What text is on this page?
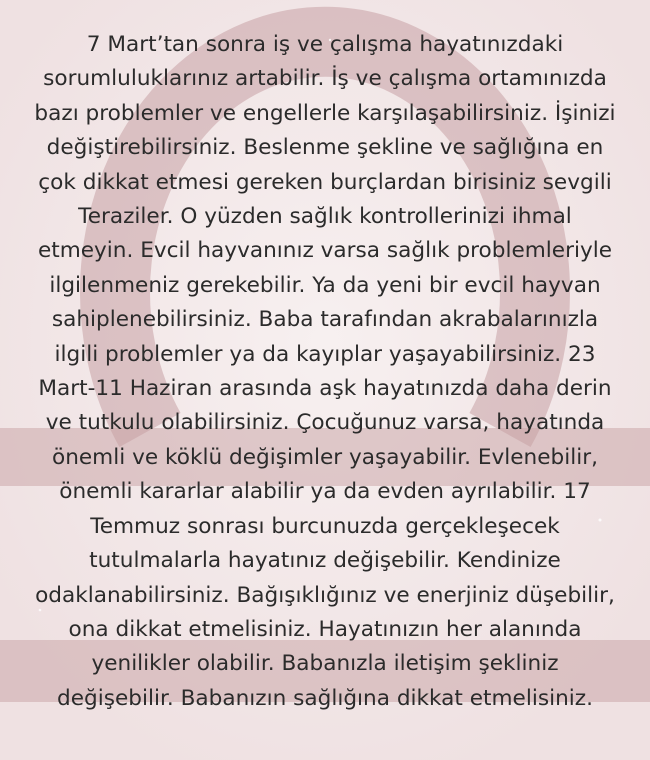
7 Mart’tan sonra iş ve çalışma hayatınızdaki
sorumluluklarınız artabilir. İş ve çalışma ortamınızda
bazı problemler ve engellerle karşılaşabilirsiniz. İşinizi
değiştirebilirsiniz. Beslenme şekline ve sağlığına en
çok dikkat etmesi gereken burçlardan birisiniz sevgili
Teraziler. O yüzden sağlık kontrollerinizi ihmal
etmeyin. Evcil hayvanınız varsa sağlık problemleriyle
ilgilenmeniz gerekebilir. Ya da yeni bir evcil hayvan
sahiplenebilirsiniz. Baba tarafından akrabalarınızla
ilgili problemler ya da kayıplar yaşayabilirsiniz. 23
Mart-11 Haziran arasında aşk hayatınızda daha derin
ve tutkulu olabilirsiniz. Çocuğunuz varsa, hayatında
önemli ve köklü değişimler yaşayabilir. Evlenebilir,
önemli kararlar alabilir ya da evden ayrılabilir. 17
Temmuz sonrası burcunuzda gerçekleşecek
tutulmalarla hayatınız değişebilir. Kendinize
odaklanabilirsiniz. Bağışıklığınız ve enerjiniz düşebilir,
ona dikkat etmelisiniz. Hayatınızın her alanında
yenilikler olabilir. Babanızla iletişim şekliniz
değişebilir. Babanızın sağlığına dikkat etmelisiniz.
